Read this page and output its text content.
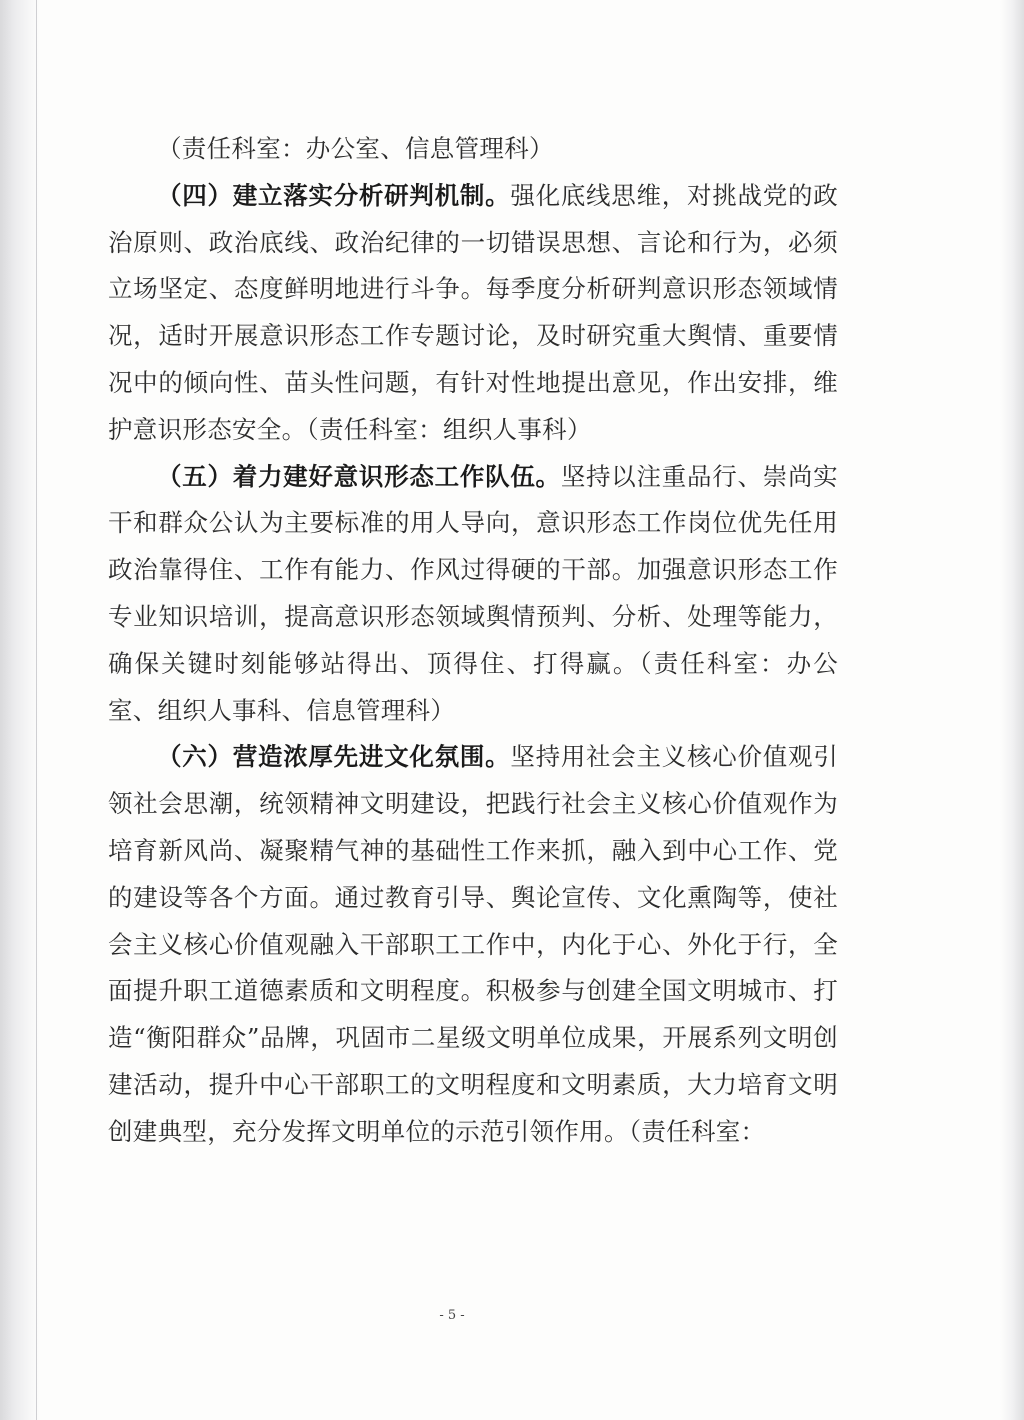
（责任科室：办公室、信息管理科）

（四）建立落实分析研判机制。强化底线思维，对挑战党的政治原则、政治底线、政治纪律的一切错误思想、言论和行为，必须立场坚定、态度鲜明地进行斗争。每季度分析研判意识形态领域情况，适时开展意识形态工作专题讨论，及时研究重大舆情、重要情况中的倾向性、苗头性问题，有针对性地提出意见，作出安排，维护意识形态安全。（责任科室：组织人事科）

（五）着力建好意识形态工作队伍。坚持以注重品行、崇尚实干和群众公认为主要标准的用人导向，意识形态工作岗位优先任用政治靠得住、工作有能力、作风过得硬的干部。加强意识形态工作专业知识培训，提高意识形态领域舆情预判、分析、处理等能力，确保关键时刻能够站得出、顶得住、打得赢。（责任科室：办公室、组织人事科、信息管理科）

（六）营造浓厚先进文化氛围。坚持用社会主义核心价值观引领社会思潮，统领精神文明建设，把践行社会主义核心价值观作为培育新风尚、凝聚精气神的基础性工作来抓，融入到中心工作、党的建设等各个方面。通过教育引导、舆论宣传、文化熏陶等，使社会主义核心价值观融入干部职工工作中，内化于心、外化于行，全面提升职工道德素质和文明程度。积极参与创建全国文明城市、打造“衡阳群众”品牌，巩固市二星级文明单位成果，开展系列文明创建活动，提升中心干部职工的文明程度和文明素质，大力培育文明创建典型，充分发挥文明单位的示范引领作用。（责任科室：

- 5 -
